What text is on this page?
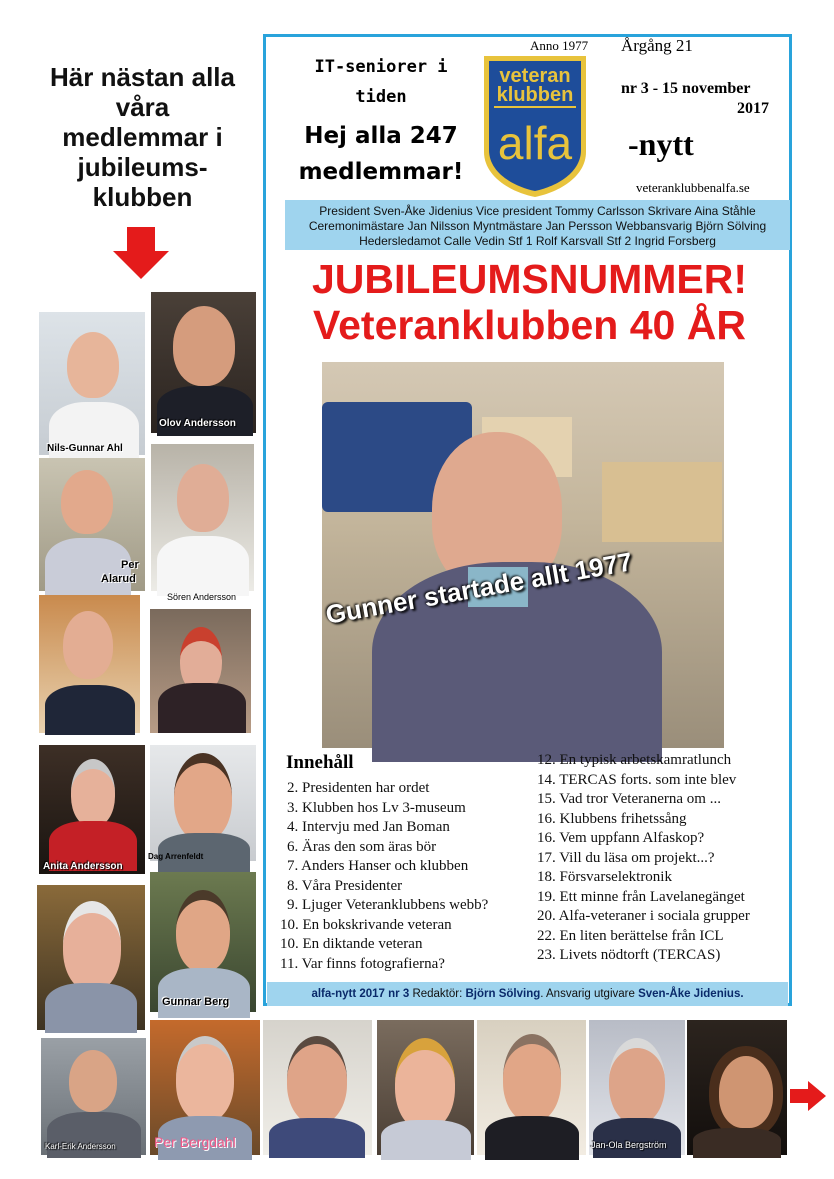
Här nästan alla
våra
medlemmar i
jubileums-
klubben
Nils-Gunnar Ahl
Olov Andersson
Per
Alarud
Sören Andersson
Anita Andersson
Dag Arrenfeldt
Gunnar Berg
Karl-Erik Andersson	Per Bergdahl	Jan-Ola Bergström
IT-seniorer i
tiden
Hej alla 247
medlemmar!
veteran
klubben
alfa
Anno 1977 Årgång 21
nr 3 - 15 november
2017
-nytt
veteranklubbenalfa.se
President Sven-Åke Jidenius Vice president Tommy Carlsson Skrivare Aina Ståhle
Ceremonimästare Jan Nilsson Myntmästare Jan Persson Webbansvarig Björn Sölving
Hedersledamot Calle Vedin Stf 1 Rolf Karsvall Stf 2 Ingrid Forsberg
JUBILEUMSNUMMER!
Veteranklubben 40 ÅR
Gunner startade allt 1977
Innehåll
2. Presidenten har ordet
3. Klubben hos Lv 3-museum
4. Intervju med Jan Boman
6. Äras den som äras bör
7. Anders Hanser och klubben
8. Våra Presidenter
9. Ljuger Veteranklubbens webb?
10. En bokskrivande veteran
10. En diktande veteran
11. Var finns fotografierna?
12. En typisk arbetskamratlunch
14. TERCAS forts. som inte blev
15. Vad tror Veteranerna om ...
16. Klubbens frihetssång
16. Vem uppfann Alfaskop?
17. Vill du läsa om projekt...?
18. Försvarselektronik
19. Ett minne från Lavelanegänget
20. Alfa-veteraner i sociala grupper
22. En liten berättelse från ICL
23. Livets nödtorft (TERCAS)
alfa-nytt 2017 nr 3 Redaktör: Björn Sölving. Ansvarig utgivare Sven-Åke Jidenius.
